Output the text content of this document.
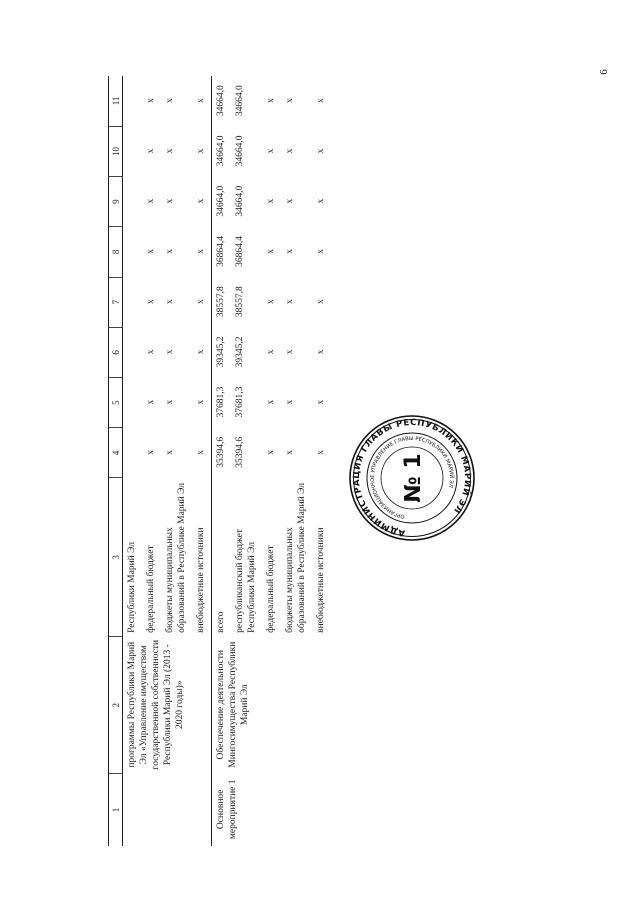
6
1	2	3	4	5	6	7	8	9	10	11
	программы Республики Марий Эл «Управление имуществом государственной собственности Республики Марий Эл (2013 - 2020 годы)»	Республики Марий Эл								
		федеральный бюджет	x	x	x	x	x	x	x	x
		бюджеты муниципальных образований в Республике Марий Эл	x	x	x	x	x	x	x	x
		внебюджетные источники	x	x	x	x	x	x	x	x
Основное мероприятие 1	Обеспечение деятельности Мингосимущества Республики Марий Эл	всего	35394,6	37681,3	39345,2	38557,8	36864,4	34664,0	34664,0	34664,0
		республиканский бюджет Республики Марий Эл	35394,6	37681,3	39345,2	38557,8	36864,4	34664,0	34664,0	34664,0
		федеральный бюджет	x	x	x	x	x	x	x	x
		бюджеты муниципальных образований в Республике Марий Эл	x	x	x	x	x	x	x	x
		внебюджетные источники	x	x	x	x	x	x	x	x
АДМИНИСТРАЦИЯ ГЛАВЫ РЕСПУБЛИКИ МАРИЙ ЭЛ
ОРГАНИЗАЦИОННОЕ УПРАВЛЕНИЕ ГЛАВЫ РЕСПУБЛИКИ МАРИЙ ЭЛ
№ 1
